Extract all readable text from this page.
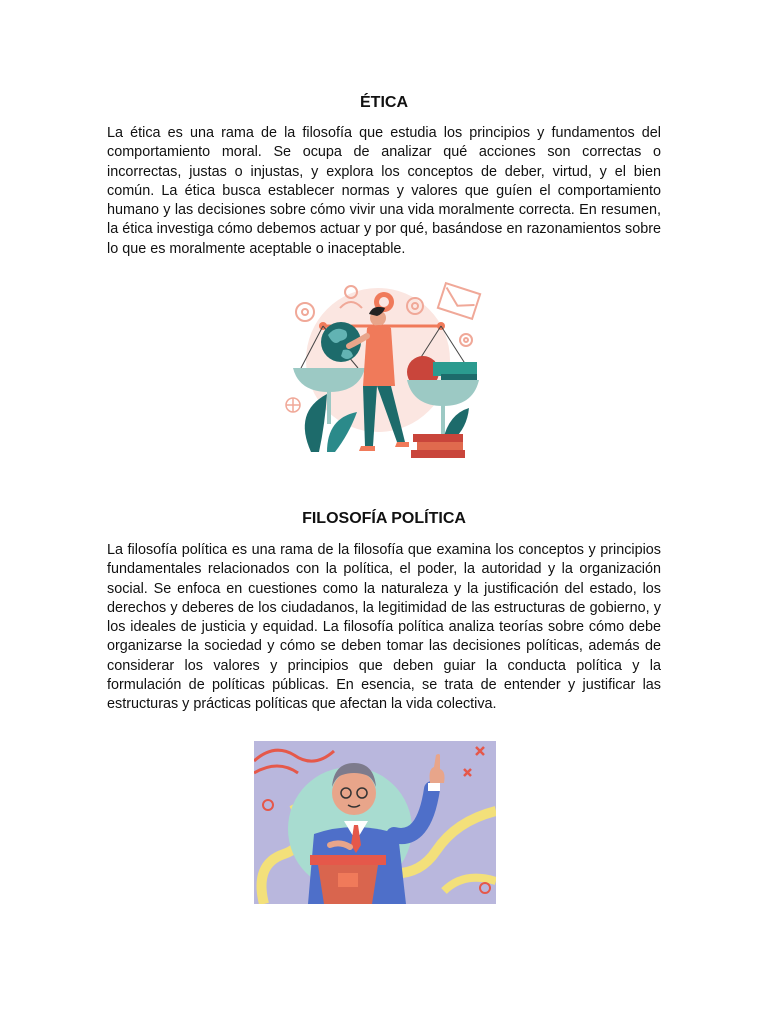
ÉTICA

La ética es una rama de la filosofía que estudia los principios y fundamentos del comportamiento moral. Se ocupa de analizar qué acciones son correctas o incorrectas, justas o injustas, y explora los conceptos de deber, virtud, y el bien común. La ética busca establecer normas y valores que guíen el comportamiento humano y las decisiones sobre cómo vivir una vida moralmente correcta. En resumen, la ética investiga cómo debemos actuar y por qué, basándose en razonamientos sobre lo que es moralmente aceptable o inaceptable.

FILOSOFÍA POLÍTICA

La filosofía política es una rama de la filosofía que examina los conceptos y principios fundamentales relacionados con la política, el poder, la autoridad y la organización social. Se enfoca en cuestiones como la naturaleza y la justificación del estado, los derechos y deberes de los ciudadanos, la legitimidad de las estructuras de gobierno, y los ideales de justicia y equidad. La filosofía política analiza teorías sobre cómo debe organizarse la sociedad y cómo se deben tomar las decisiones políticas, además de considerar los valores y principios que deben guiar la conducta política y la formulación de políticas públicas. En esencia, se trata de entender y justificar las estructuras y prácticas políticas que afectan la vida colectiva.
